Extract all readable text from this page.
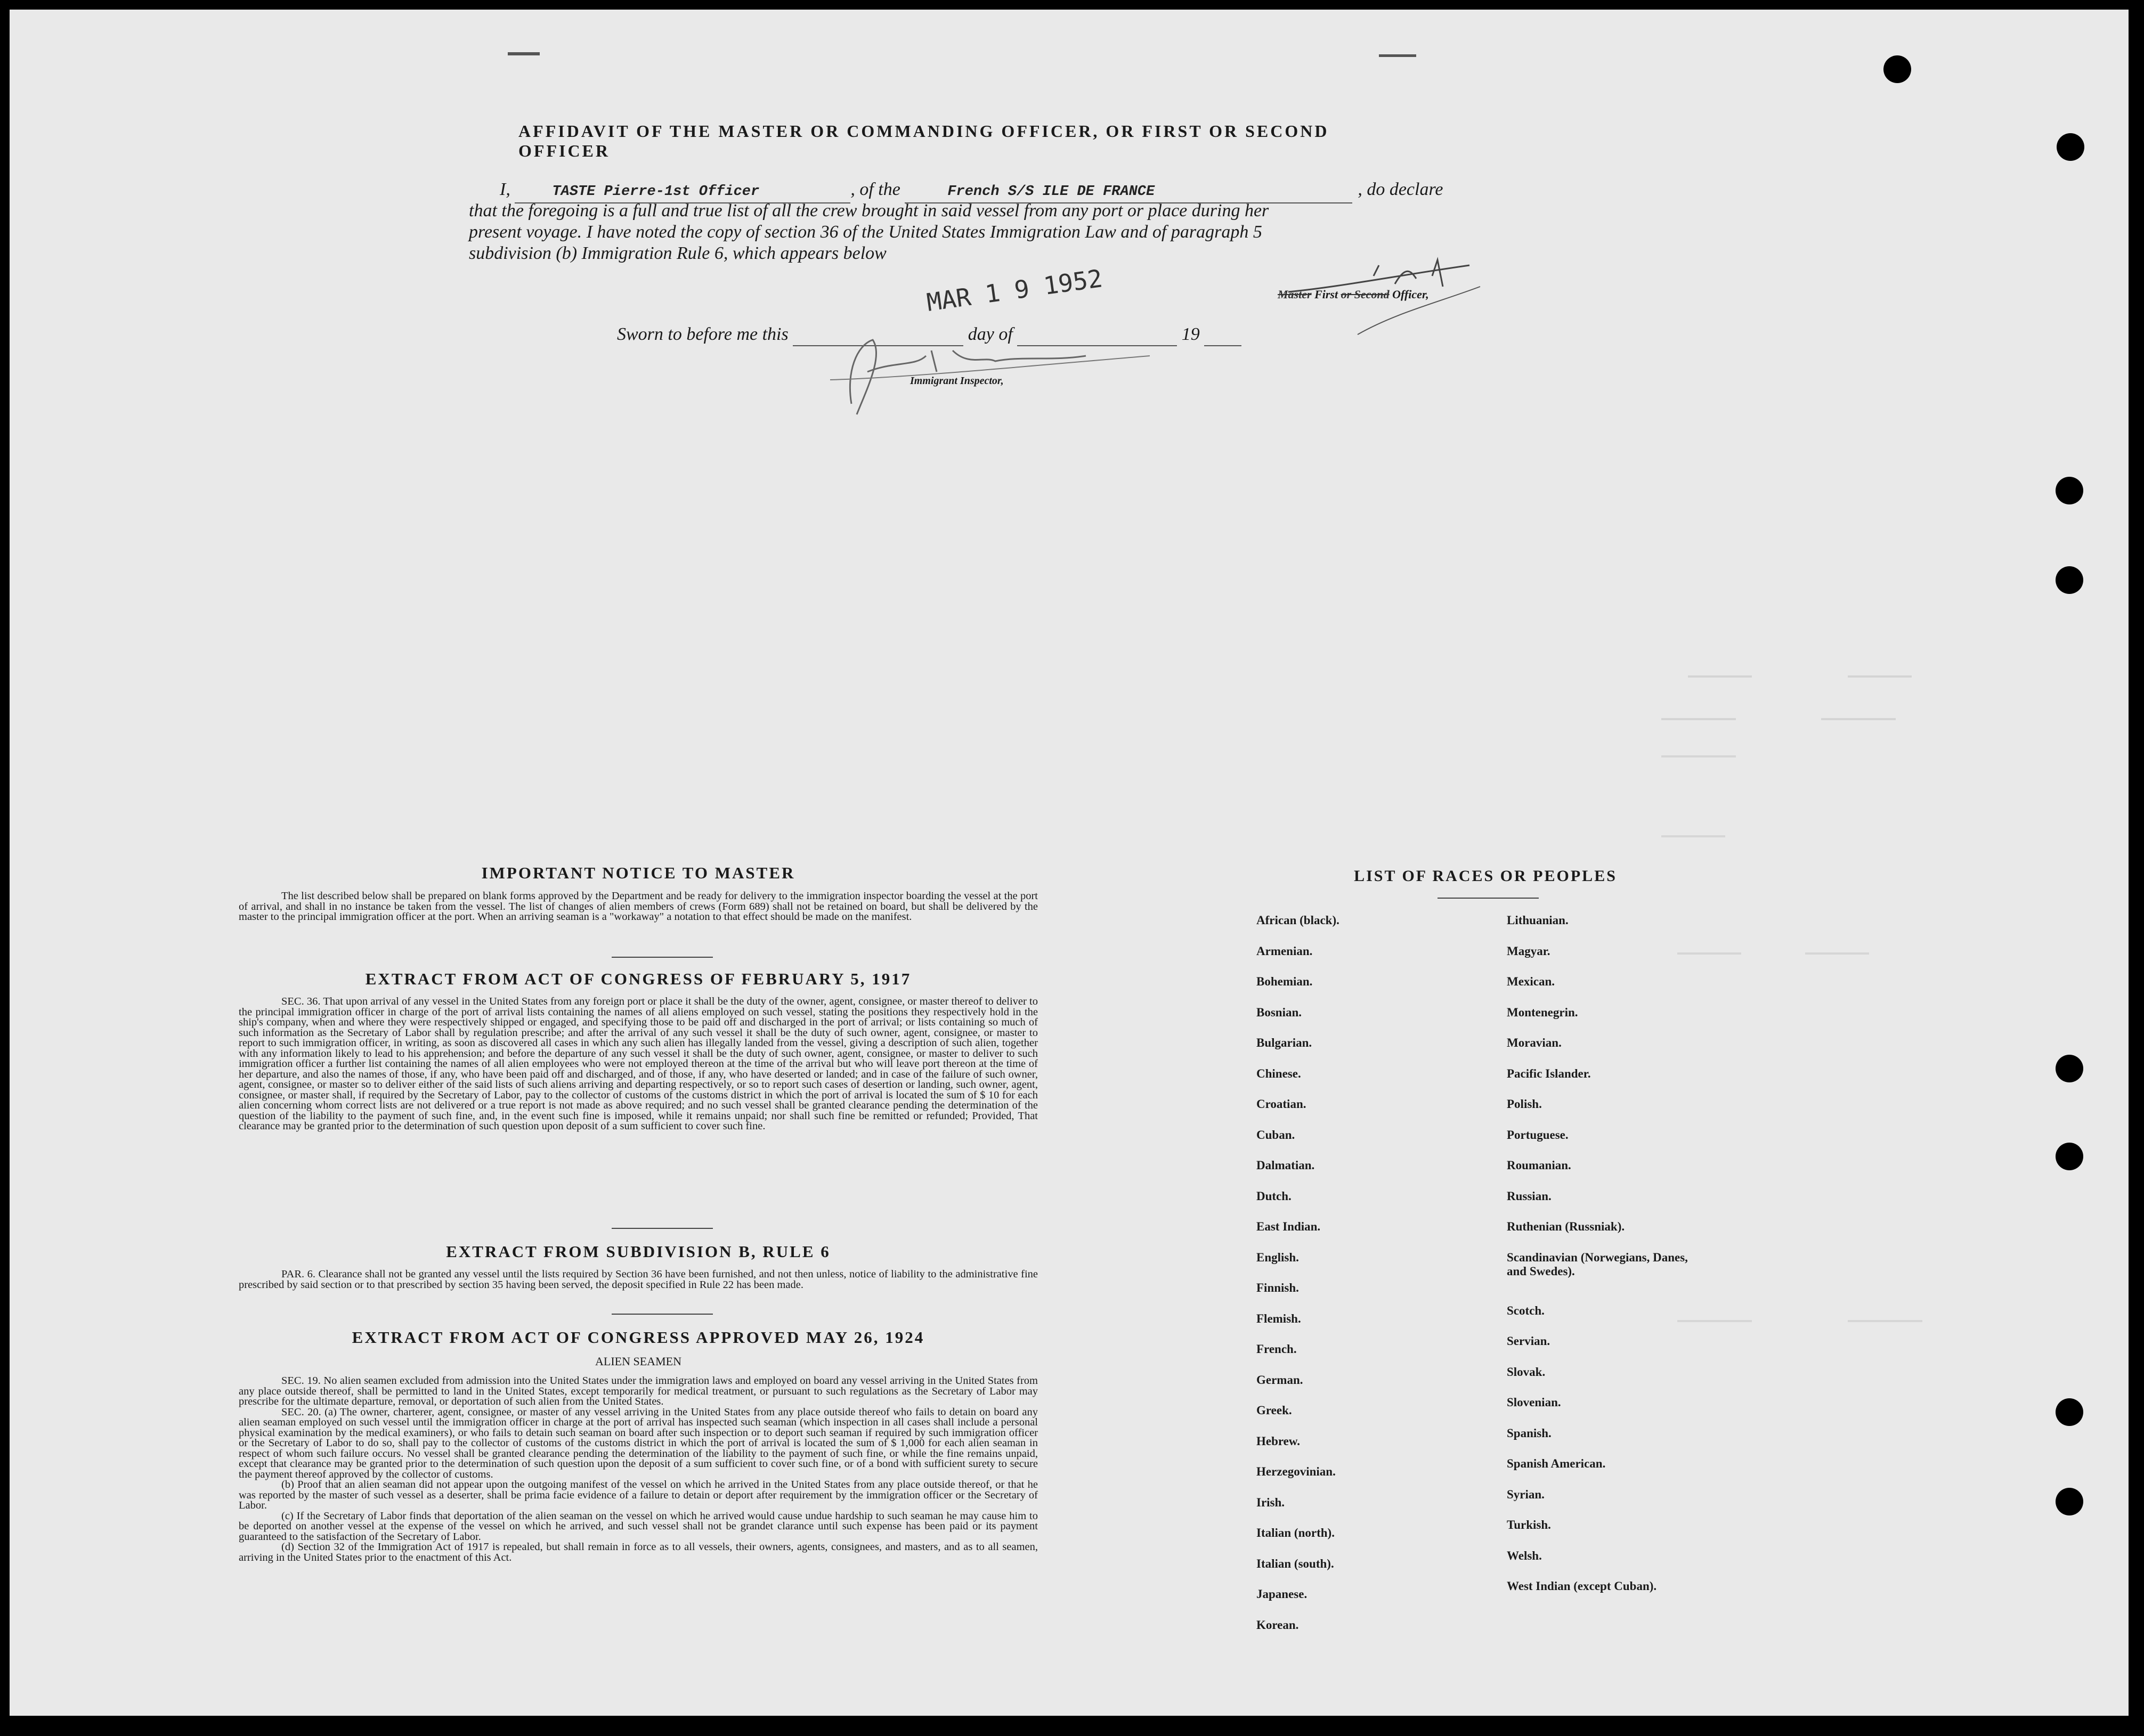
AFFIDAVIT OF THE MASTER OR COMMANDING OFFICER, OR FIRST OR SECOND OFFICER
I,	TASTE Pierre-1st Officer	, of the	French S/S ILE DE FRANCE	, do declare
that the foregoing is a full and true list of all the crew brought in said vessel from any port or place during her
present voyage. I have noted the copy of section 36 of the United States Immigration Law and of paragraph 5
subdivision (b) Immigration Rule 6, which appears below
Master First or Second Officer,
MAR 1 9 1952
Sworn to before me this	day of	19
Immigrant Inspector,
IMPORTANT NOTICE TO MASTER

The list described below shall be prepared on blank forms approved by the Department and be ready for delivery to the immigration inspector boarding the vessel at the port of arrival, and shall in no instance be taken from the vessel. The list of changes of alien members of crews (Form 689) shall not be retained on board, but shall be delivered by the master to the principal immigration officer at the port. When an arriving seaman is a "workaway" a notation to that effect should be made on the manifest.

EXTRACT FROM ACT OF CONGRESS OF FEBRUARY 5, 1917

SEC. 36. That upon arrival of any vessel in the United States from any foreign port or place it shall be the duty of the owner, agent, consignee, or master thereof to deliver to the principal immigration officer in charge of the port of arrival lists containing the names of all aliens employed on such vessel, stating the positions they respectively hold in the ship's company, when and where they were respectively shipped or engaged, and specifying those to be paid off and discharged in the port of arrival; or lists containing so much of such information as the Secretary of Labor shall by regulation prescribe; and after the arrival of any such vessel it shall be the duty of such owner, agent, consignee, or master to report to such immigration officer, in writing, as soon as discovered all cases in which any such alien has illegally landed from the vessel, giving a description of such alien, together with any information likely to lead to his apprehension; and before the departure of any such vessel it shall be the duty of such owner, agent, consignee, or master to deliver to such immigration officer a further list containing the names of all alien employees who were not employed thereon at the time of the arrival but who will leave port thereon at the time of her departure, and also the names of those, if any, who have been paid off and discharged, and of those, if any, who have deserted or landed; and in case of the failure of such owner, agent, consignee, or master so to deliver either of the said lists of such aliens arriving and departing respectively, or so to report such cases of desertion or landing, such owner, agent, consignee, or master shall, if required by the Secretary of Labor, pay to the collector of customs of the customs district in which the port of arrival is located the sum of $ 10 for each alien concerning whom correct lists are not delivered or a true report is not made as above required; and no such vessel shall be granted clearance pending the determination of the question of the liability to the payment of such fine, and, in the event such fine is imposed, while it remains unpaid; nor shall such fine be remitted or refunded; Provided, That clearance may be granted prior to the determination of such question upon deposit of a sum sufficient to cover such fine.

EXTRACT FROM SUBDIVISION B, RULE 6

PAR. 6. Clearance shall not be granted any vessel until the lists required by Section 36 have been furnished, and not then unless, notice of liability to the administrative fine prescribed by said section or to that prescribed by section 35 having been served, the deposit specified in Rule 22 has been made.

EXTRACT FROM ACT OF CONGRESS APPROVED MAY 26, 1924
ALIEN SEAMEN

SEC. 19. No alien seamen excluded from admission into the United States under the immigration laws and employed on board any vessel arriving in the United States from any place outside thereof, shall be permitted to land in the United States, except temporarily for medical treatment, or pursuant to such regulations as the Secretary of Labor may prescribe for the ultimate departure, removal, or deportation of such alien from the United States.

SEC. 20. (a) The owner, charterer, agent, consignee, or master of any vessel arriving in the United States from any place outside thereof who fails to detain on board any alien seaman employed on such vessel until the immigration officer in charge at the port of arrival has inspected such seaman (which inspection in all cases shall include a personal physical examination by the medical examiners), or who fails to detain such seaman on board after such inspection or to deport such seaman if required by such immigration officer or the Secretary of Labor to do so, shall pay to the collector of customs of the customs district in which the port of arrival is located the sum of $ 1,000 for each alien seaman in respect of whom such failure occurs. No vessel shall be granted clearance pending the determination of the liability to the payment of such fine, or while the fine remains unpaid, except that clearance may be granted prior to the determination of such question upon the deposit of a sum sufficient to cover such fine, or of a bond with sufficient surety to secure the payment thereof approved by the collector of customs.

(b) Proof that an alien seaman did not appear upon the outgoing manifest of the vessel on which he arrived in the United States from any place outside thereof, or that he was reported by the master of such vessel as a deserter, shall be prima facie evidence of a failure to detain or deport after requirement by the immigration officer or the Secretary of Labor.

(c) If the Secretary of Labor finds that deportation of the alien seaman on the vessel on which he arrived would cause undue hardship to such seaman he may cause him to be deported on another vessel at the expense of the vessel on which he arrived, and such vessel shall not be grandet clarance until such expense has been paid or its payment guaranteed to the satisfaction of the Secretary of Labor.

(d) Section 32 of the Immigration Act of 1917 is repealed, but shall remain in force as to all vessels, their owners, agents, consignees, and masters, and as to all seamen, arriving in the United States prior to the enactment of this Act.

LIST OF RACES OR PEOPLES
African (black).
Armenian.
Bohemian.
Bosnian.
Bulgarian.
Chinese.
Croatian.
Cuban.
Dalmatian.
Dutch.
East Indian.
English.
Finnish.
Flemish.
French.
German.
Greek.
Hebrew.
Herzegovinian.
Irish.
Italian (north).
Italian (south).
Japanese.
Korean.
Lithuanian.
Magyar.
Mexican.
Montenegrin.
Moravian.
Pacific Islander.
Polish.
Portuguese.
Roumanian.
Russian.
Ruthenian (Russniak).
Scandinavian (Norwegians, Danes, and Swedes).
Scotch.
Servian.
Slovak.
Slovenian.
Spanish.
Spanish American.
Syrian.
Turkish.
Welsh.
West Indian (except Cuban).
